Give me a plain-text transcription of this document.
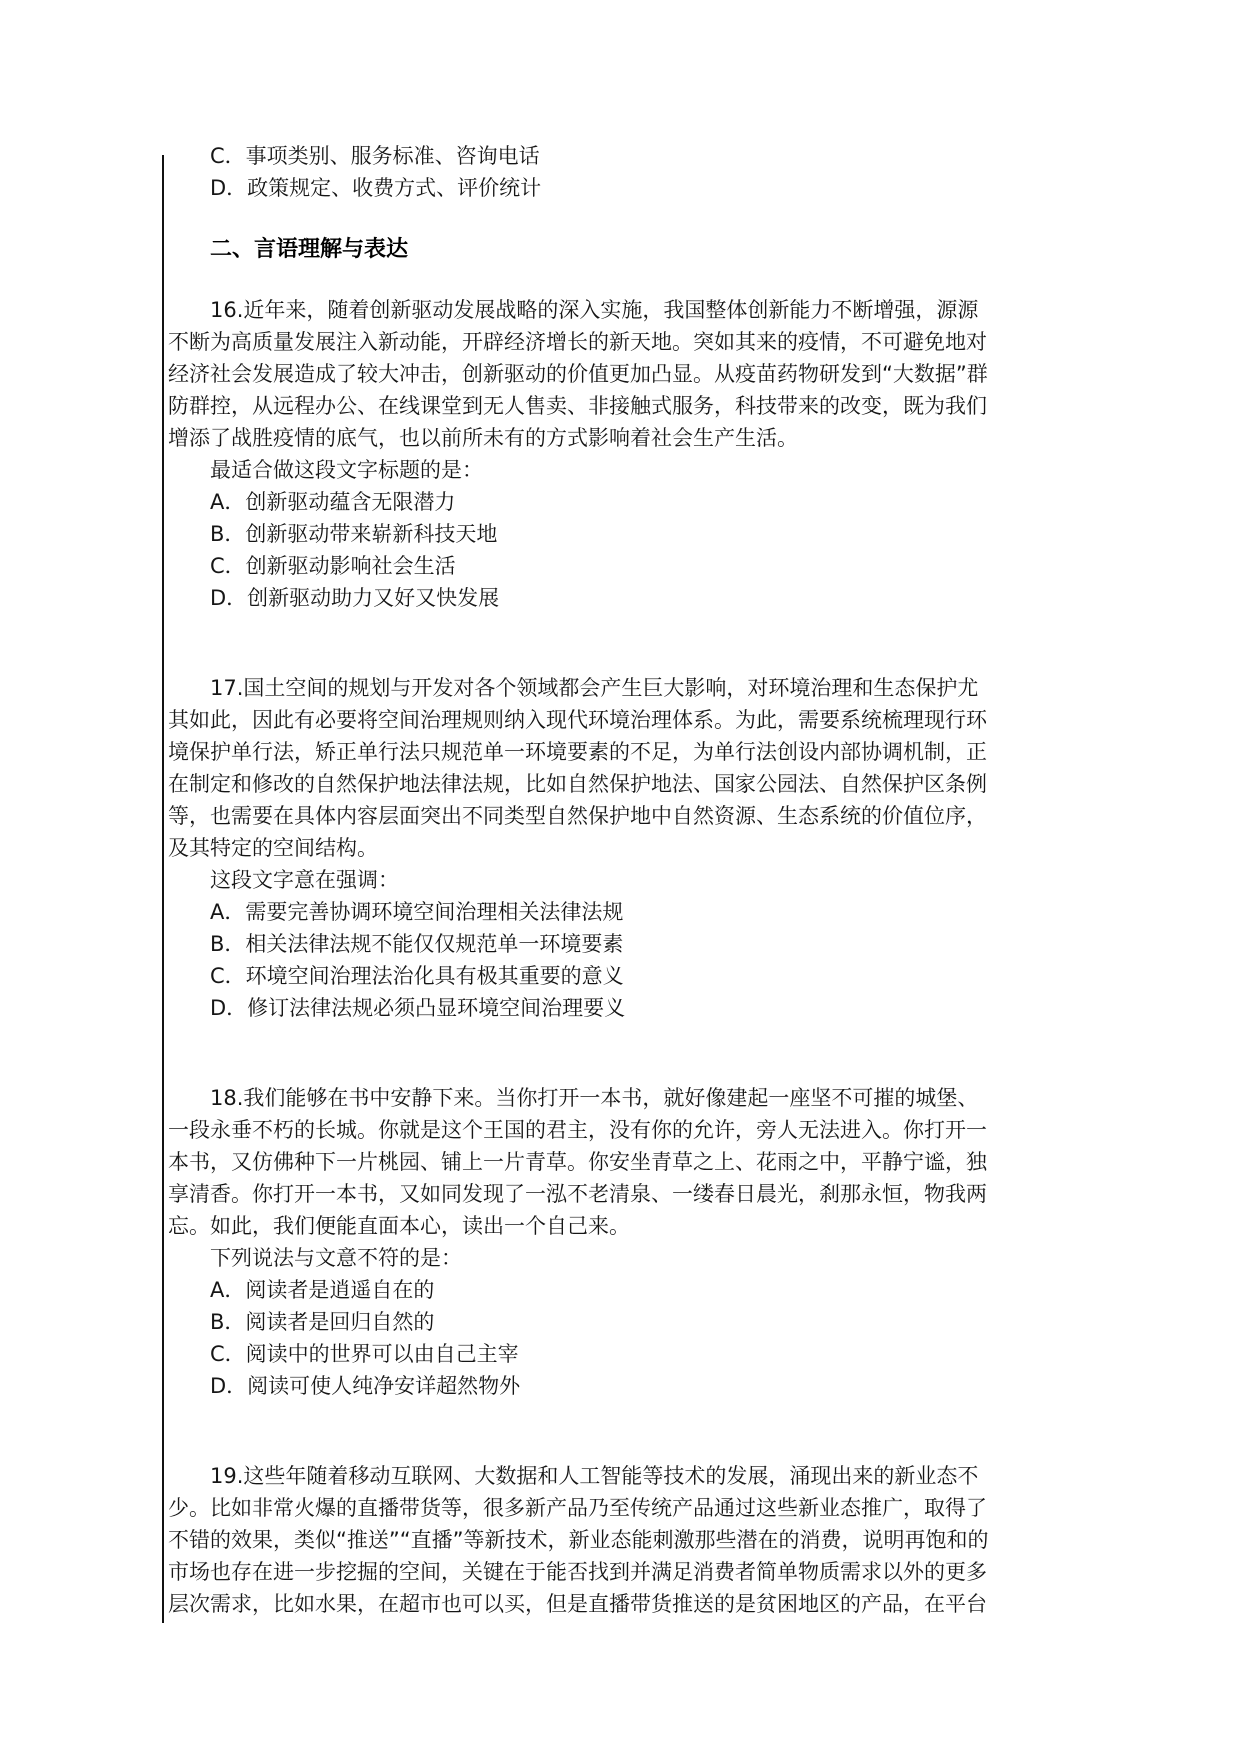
C．事项类别、服务标准、咨询电话
D．政策规定、收费方式、评价统计
二、言语理解与表达
16.近年来，随着创新驱动发展战略的深入实施，我国整体创新能力不断增强，源源
不断为高质量发展注入新动能，开辟经济增长的新天地。突如其来的疫情，不可避免地对
经济社会发展造成了较大冲击，创新驱动的价值更加凸显。从疫苗药物研发到“大数据”群
防群控，从远程办公、在线课堂到无人售卖、非接触式服务，科技带来的改变，既为我们
增添了战胜疫情的底气，也以前所未有的方式影响着社会生产生活。
最适合做这段文字标题的是：
A．创新驱动蕴含无限潜力
B．创新驱动带来崭新科技天地
C．创新驱动影响社会生活
D．创新驱动助力又好又快发展
17.国土空间的规划与开发对各个领域都会产生巨大影响，对环境治理和生态保护尤
其如此，因此有必要将空间治理规则纳入现代环境治理体系。为此，需要系统梳理现行环
境保护单行法，矫正单行法只规范单一环境要素的不足，为单行法创设内部协调机制，正
在制定和修改的自然保护地法律法规，比如自然保护地法、国家公园法、自然保护区条例
等，也需要在具体内容层面突出不同类型自然保护地中自然资源、生态系统的价值位序，
及其特定的空间结构。
这段文字意在强调：
A．需要完善协调环境空间治理相关法律法规
B．相关法律法规不能仅仅规范单一环境要素
C．环境空间治理法治化具有极其重要的意义
D．修订法律法规必须凸显环境空间治理要义
18.我们能够在书中安静下来。当你打开一本书，就好像建起一座坚不可摧的城堡、
一段永垂不朽的长城。你就是这个王国的君主，没有你的允许，旁人无法进入。你打开一
本书，又仿佛种下一片桃园、铺上一片青草。你安坐青草之上、花雨之中，平静宁谧，独
享清香。你打开一本书，又如同发现了一泓不老清泉、一缕春日晨光，刹那永恒，物我两
忘。如此，我们便能直面本心，读出一个自己来。
下列说法与文意不符的是：
A．阅读者是逍遥自在的
B．阅读者是回归自然的
C．阅读中的世界可以由自己主宰
D．阅读可使人纯净安详超然物外
19.这些年随着移动互联网、大数据和人工智能等技术的发展，涌现出来的新业态不
少。比如非常火爆的直播带货等，很多新产品乃至传统产品通过这些新业态推广，取得了
不错的效果，类似“推送”“直播”等新技术，新业态能刺激那些潜在的消费，说明再饱和的
市场也存在进一步挖掘的空间，关键在于能否找到并满足消费者简单物质需求以外的更多
层次需求，比如水果，在超市也可以买，但是直播带货推送的是贫困地区的产品，在平台
